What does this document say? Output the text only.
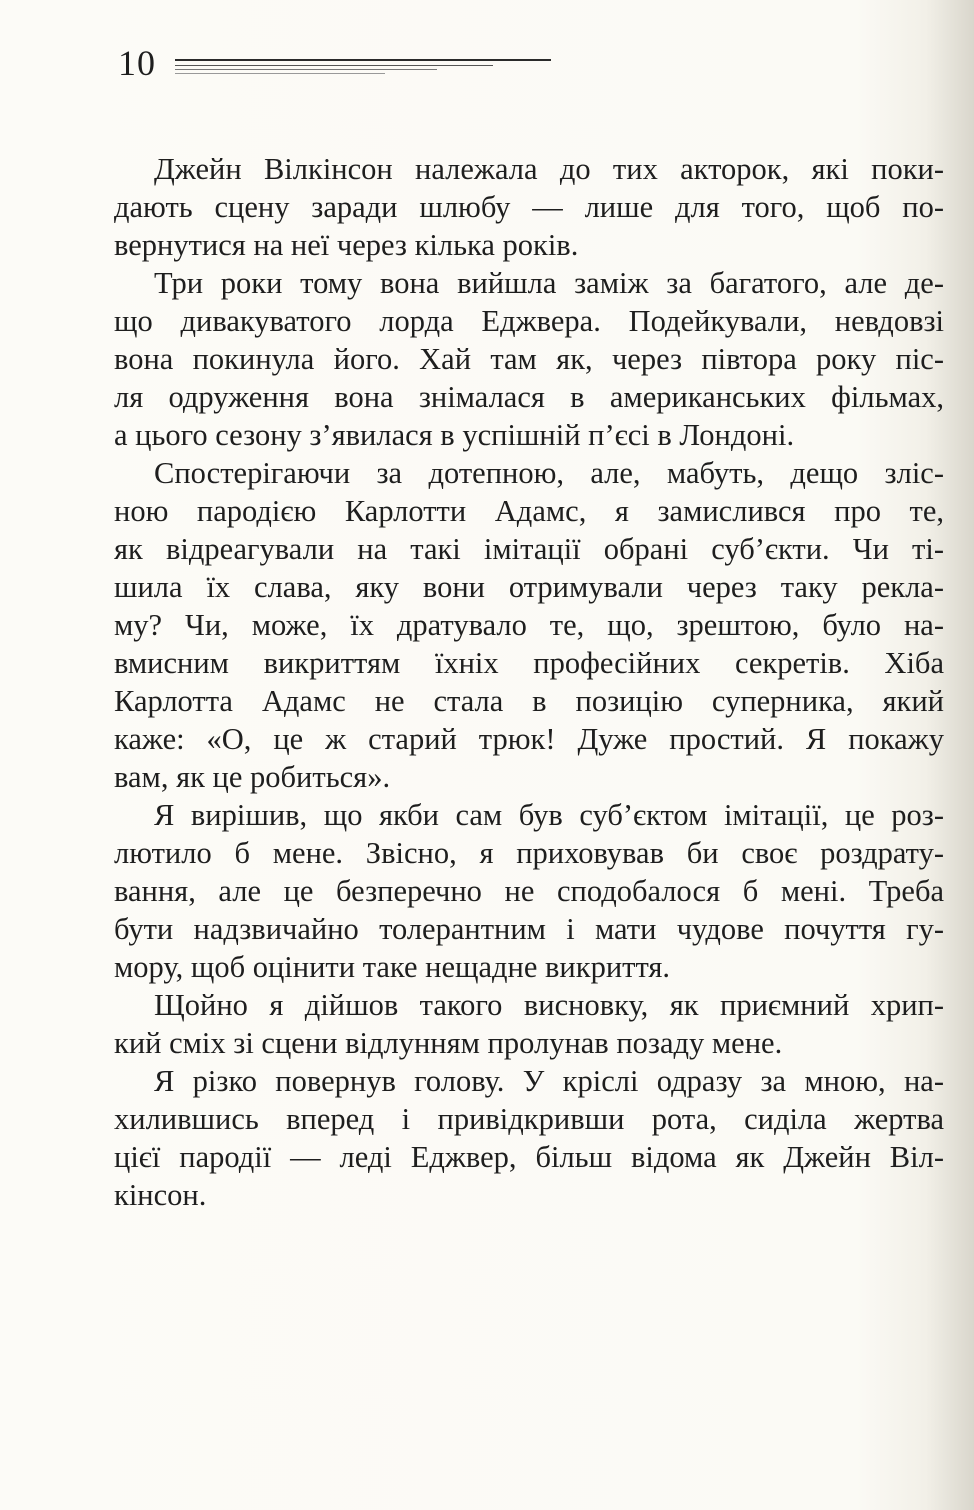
10
Джейн Вілкінсон належала до тих акторок, які поки-
дають сцену заради шлюбу — лише для того, щоб по-
вернутися на неї через кілька років.
Три роки тому вона вийшла заміж за багатого, але де-
що дивакуватого лорда Еджвера. Подейкували, невдовзі
вона покинула його. Хай там як, через півтора року піс-
ля одруження вона знімалася в американських фільмах,
а цього сезону з’явилася в успішній п’єсі в Лондоні.
Спостерігаючи за дотепною, але, мабуть, дещо зліс-
ною пародією Карлотти Адамс, я замислився про те,
як відреагували на такі імітації обрані суб’єкти. Чи ті-
шила їх слава, яку вони отримували через таку рекла-
му? Чи, може, їх дратувало те, що, зрештою, було на-
вмисним викриттям їхніх професійних секретів. Хіба
Карлотта Адамс не стала в позицію суперника, який
каже: «О, це ж старий трюк! Дуже простий. Я покажу
вам, як це робиться».
Я вирішив, що якби сам був суб’єктом імітації, це роз-
лютило б мене. Звісно, я приховував би своє роздрату-
вання, але це безперечно не сподобалося б мені. Треба
бути надзвичайно толерантним і мати чудове почуття гу-
мору, щоб оцінити таке нещадне викриття.
Щойно я дійшов такого висновку, як приємний хрип-
кий сміх зі сцени відлунням пролунав позаду мене.
Я різко повернув голову. У кріслі одразу за мною, на-
хилившись вперед і привідкривши рота, сиділа жертва
цієї пародії — леді Еджвер, більш відома як Джейн Віл-
кінсон.
